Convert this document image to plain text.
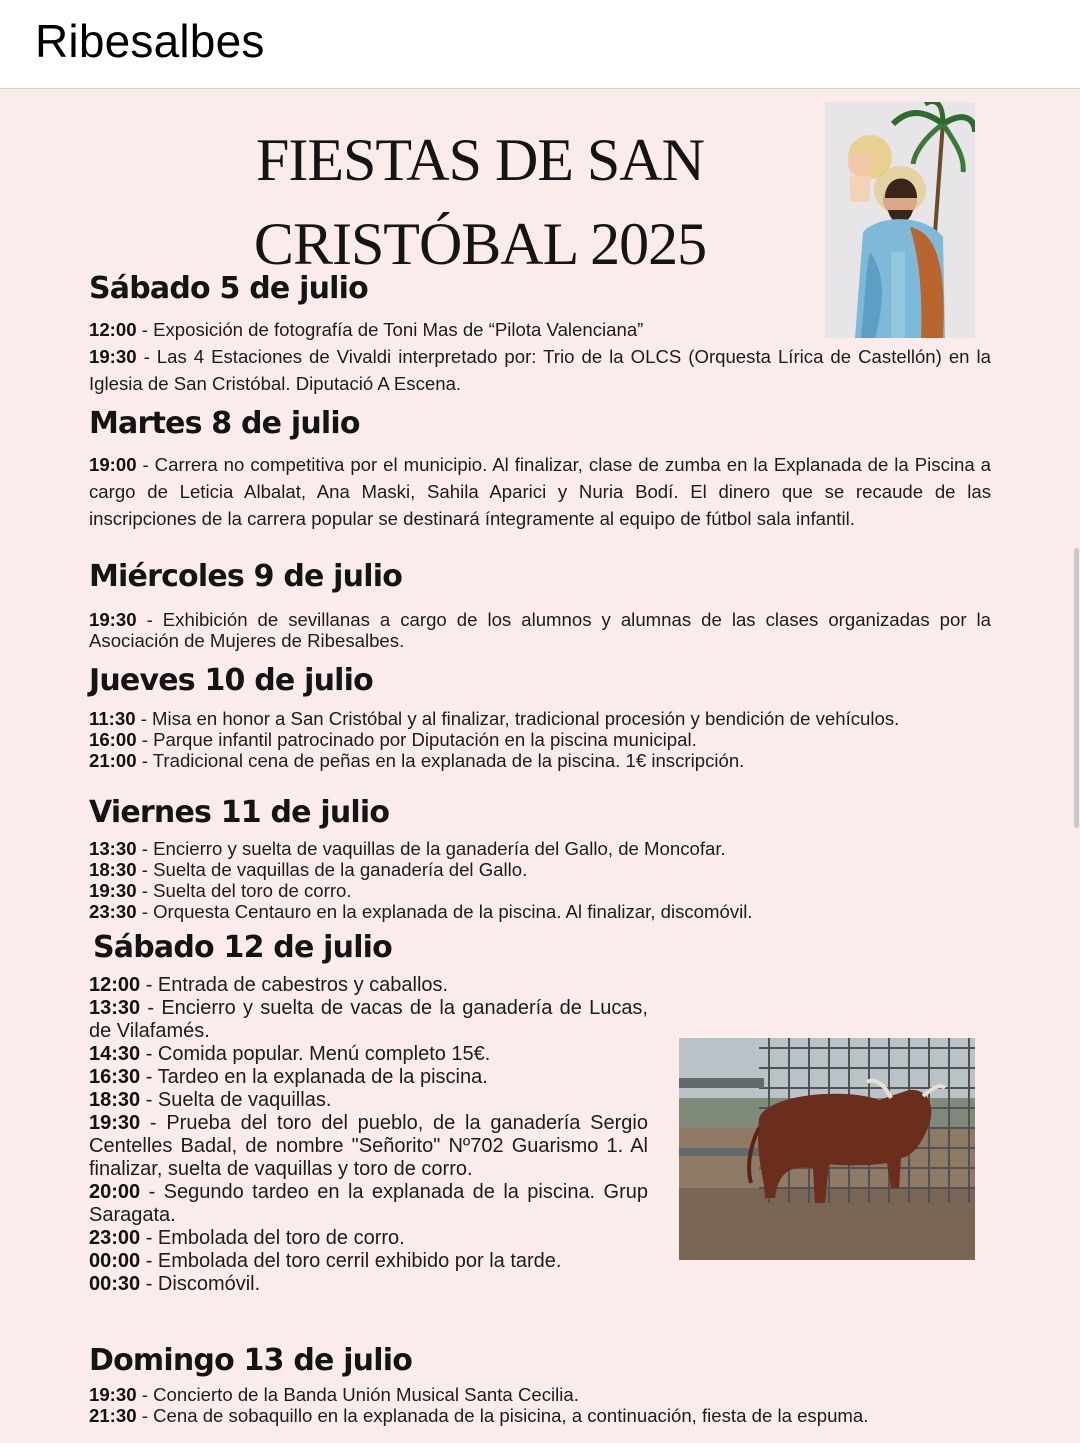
Ribesalbes
FIESTAS DE SAN
CRISTÓBAL 2025
Sábado 5 de julio
12:00 - Exposición de fotografía de Toni Mas de “Pilota Valenciana”
19:30 - Las 4 Estaciones de Vivaldi interpretado por: Trio de la OLCS (Orquesta Lírica de Castellón) en la Iglesia de San Cristóbal. Diputació A Escena.
Martes 8 de julio
19:00 - Carrera no competitiva por el municipio. Al finalizar, clase de zumba en la Explanada de la Piscina a cargo de Leticia Albalat, Ana Maski, Sahila Aparici y Nuria Bodí. El dinero que se recaude de las inscripciones de la carrera popular se destinará íntegramente al equipo de fútbol sala infantil.
Miércoles 9 de julio
19:30 - Exhibición de sevillanas a cargo de los alumnos y alumnas de las clases organizadas por la Asociación de Mujeres de Ribesalbes.
Jueves 10 de julio
11:30 - Misa en honor a San Cristóbal y al finalizar, tradicional procesión y bendición de vehículos.
16:00 - Parque infantil patrocinado por Diputación en la piscina municipal.
21:00 - Tradicional cena de peñas en la explanada de la piscina. 1€ inscripción.
Viernes 11 de julio
13:30 - Encierro y suelta de vaquillas de la ganadería del Gallo, de Moncofar.
18:30 - Suelta de vaquillas de la ganadería del Gallo.
19:30 - Suelta del toro de corro.
23:30 - Orquesta Centauro en la explanada de la piscina. Al finalizar, discomóvil.
Sábado 12 de julio
12:00 - Entrada de cabestros y caballos.
13:30 - Encierro y suelta de vacas de la ganadería de Lucas, de Vilafamés.
14:30 - Comida popular. Menú completo 15€.
16:30 - Tardeo en la explanada de la piscina.
18:30 - Suelta de vaquillas.
19:30 - Prueba del toro del pueblo, de la ganadería Sergio Centelles Badal, de nombre "Señorito" Nº702 Guarismo 1. Al finalizar, suelta de vaquillas y toro de corro.
20:00 - Segundo tardeo en la explanada de la piscina. Grup Saragata.
23:00 - Embolada del toro de corro.
00:00 - Embolada del toro cerril exhibido por la tarde.
00:30 - Discomóvil.
Domingo 13 de julio
19:30 - Concierto de la Banda Unión Musical Santa Cecilia.
21:30 - Cena de sobaquillo en la explanada de la pisicina, a continuación, fiesta de la espuma.
